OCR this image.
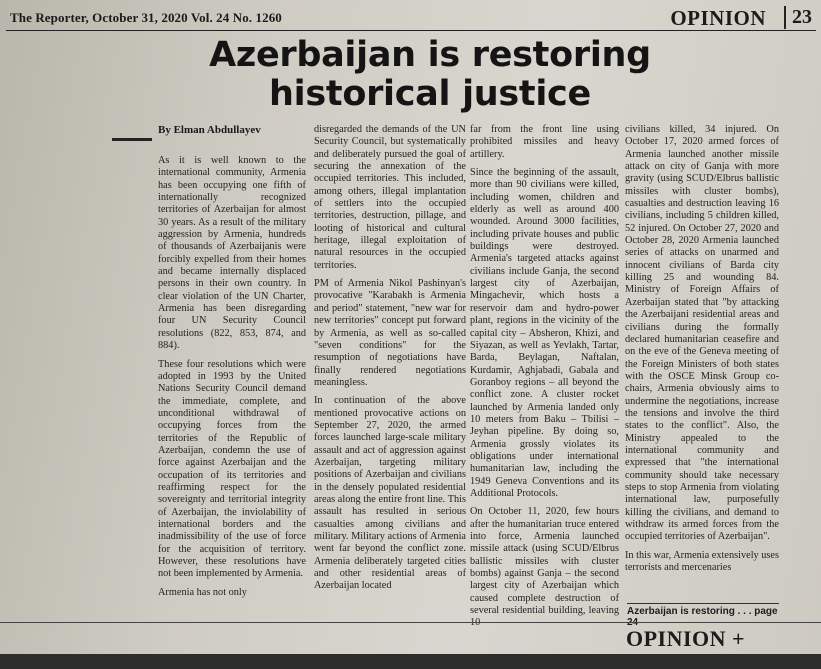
The Reporter, October 31, 2020 Vol. 24 No. 1260	OPINION	23
Azerbaijan is restoring
historical justice
By Elman Abdullayev

As it is well known to the international community, Armenia has been occupying one fifth of internationally recognized territories of Azerbaijan for almost 30 years. As a result of the military aggression by Armenia, hundreds of thousands of Azerbaijanis were forcibly expelled from their homes and became internally displaced persons in their own country. In clear violation of the UN Charter, Armenia has been disregarding four UN Security Council resolutions (822, 853, 874, and 884).

These four resolutions which were adopted in 1993 by the United Nations Security Council demand the immediate, complete, and unconditional withdrawal of occupying forces from the territories of the Republic of Azerbaijan, condemn the use of force against Azerbaijan and the occupation of its territories and reaffirming respect for the sovereignty and territorial integrity of Azerbaijan, the inviolability of international borders and the inadmissibility of the use of force for the acquisition of territory. However, these resolutions have not been implemented by Armenia.

Armenia has not only

disregarded the demands of the UN Security Council, but systematically and deliberately pursued the goal of securing the annexation of the occupied territories. This included, among others, illegal implantation of settlers into the occupied territories, destruction, pillage, and looting of historical and cultural heritage, illegal exploitation of natural resources in the occupied territories.

PM of Armenia Nikol Pashinyan's provocative "Karabakh is Armenia and period" statement, "new war for new territories" concept put forward by Armenia, as well as so-called "seven conditions" for the resumption of negotiations have finally rendered negotiations meaningless.

In continuation of the above mentioned provocative actions on September 27, 2020, the armed forces launched large-scale military assault and act of aggression against Azerbaijan, targeting military positions of Azerbaijan and civilians in the densely populated residential areas along the entire front line. This assault has resulted in serious casualties among civilians and military. Military actions of Armenia went far beyond the conflict zone. Armenia deliberately targeted cities and other residential areas of Azerbaijan located

far from the front line using prohibited missiles and heavy artillery.

Since the beginning of the assault, more than 90 civilians were killed, including women, children and elderly as well as around 400 wounded. Around 3000 facilities, including private houses and public buildings were destroyed. Armenia's targeted attacks against civilians include Ganja, the second largest city of Azerbaijan, Mingachevir, which hosts a reservoir dam and hydro-power plant, regions in the vicinity of the capital city – Absheron, Khizi, and Siyazan, as well as Yevlakh, Tartar, Barda, Beylagan, Naftalan, Kurdamir, Aghjabadi, Gabala and Goranboy regions – all beyond the conflict zone. A cluster rocket launched by Armenia landed only 10 meters from Baku – Tbilisi – Jeyhan pipeline. By doing so, Armenia grossly violates its obligations under international humanitarian law, including the 1949 Geneva Conventions and its Additional Protocols.

On October 11, 2020, few hours after the humanitarian truce entered into force, Armenia launched missile attack (using SCUD/Elbrus ballistic missiles with cluster bombs) against Ganja – the second largest city of Azerbaijan which caused complete destruction of several residential building, leaving

civilians killed, 34 injured. On October 17, 2020 armed forces of Armenia launched another missile attack on city of Ganja with more gravity (using SCUD/Elbrus ballistic missiles with cluster bombs), casualties and destruction leaving 16 civilians, including 5 children killed, 52 injured. On October 27, 2020 and October 28, 2020 Armenia launched series of attacks on unarmed and innocent civilians of Barda city killing 25 and wounding 84. Ministry of Foreign Affairs of Azerbaijan stated that "by attacking the Azerbaijani residential areas and civilians during the formally declared humanitarian ceasefire and on the eve of the Geneva meeting of the Foreign Ministers of both states with the OSCE Minsk Group co-chairs, Armenia obviously aims to undermine the negotiations, increase the tensions and involve the third states to the conflict". Also, the Ministry appealed to the international community and expressed that "the international community should take necessary steps to stop Armenia from violating international law, purposefully killing the civilians, and demand to withdraw its armed forces from the occupied territories of Azerbaijan".

In this war, Armenia extensively uses terrorists and mercenaries

Azerbaijan is restoring . . . page
OPINION +
